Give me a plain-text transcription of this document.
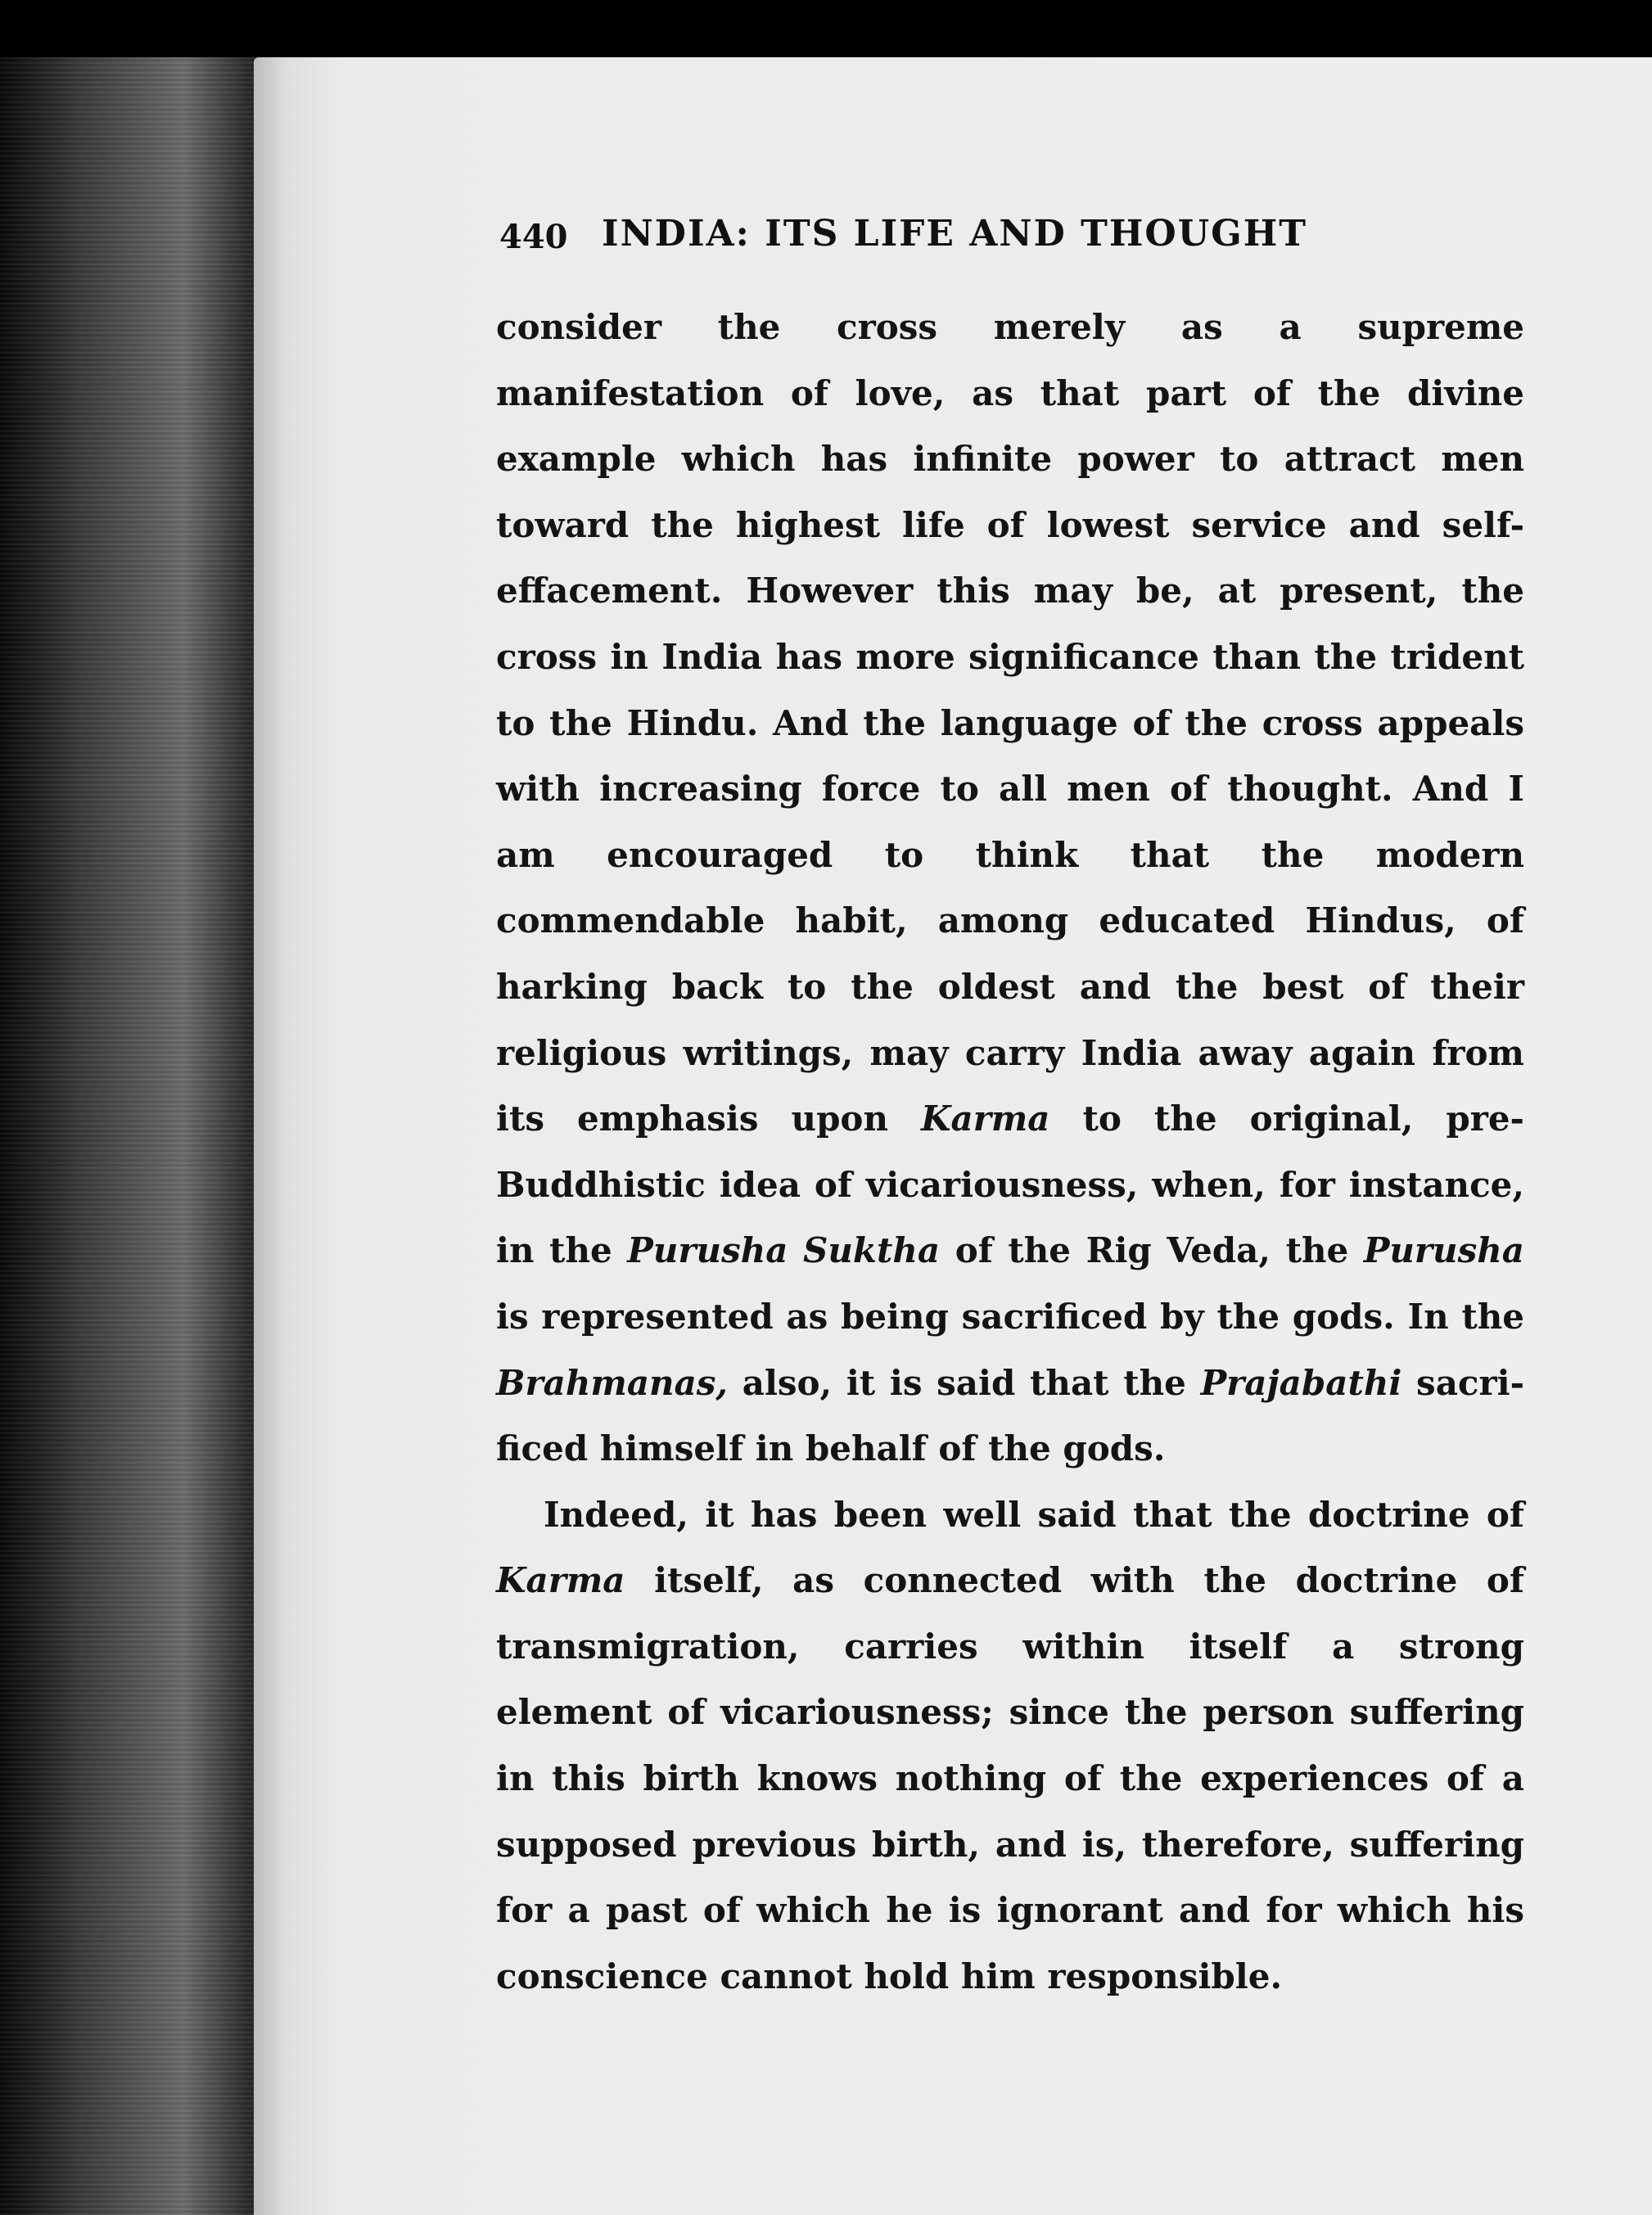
440 INDIA: ITS LIFE AND THOUGHT

consider the cross merely as a supreme manifestation of love, as that part of the divine example which has infinite power to attract men toward the highest life of lowest service and self-effacement. However this may be, at present, the cross in India has more significance than the trident to the Hindu. And the language of the cross appeals with increasing force to all men of thought. And I am encouraged to think that the modern commendable habit, among educated Hindus, of harking back to the oldest and the best of their religious writings, may carry India away again from its emphasis upon Karma to the original, pre-Buddhistic idea of vicariousness, when, for instance, in the Purusha Suktha of the Rig Veda, the Purusha is represented as being sacrificed by the gods. In the Brahmanas, also, it is said that the Prajabathi sacrificed himself in behalf of the gods.

Indeed, it has been well said that the doctrine of Karma itself, as connected with the doctrine of transmigration, carries within itself a strong element of vicariousness; since the person suffering in this birth knows nothing of the experiences of a supposed previous birth, and is, therefore, suffering for a past of which he is ignorant and for which his conscience cannot hold him responsible.
